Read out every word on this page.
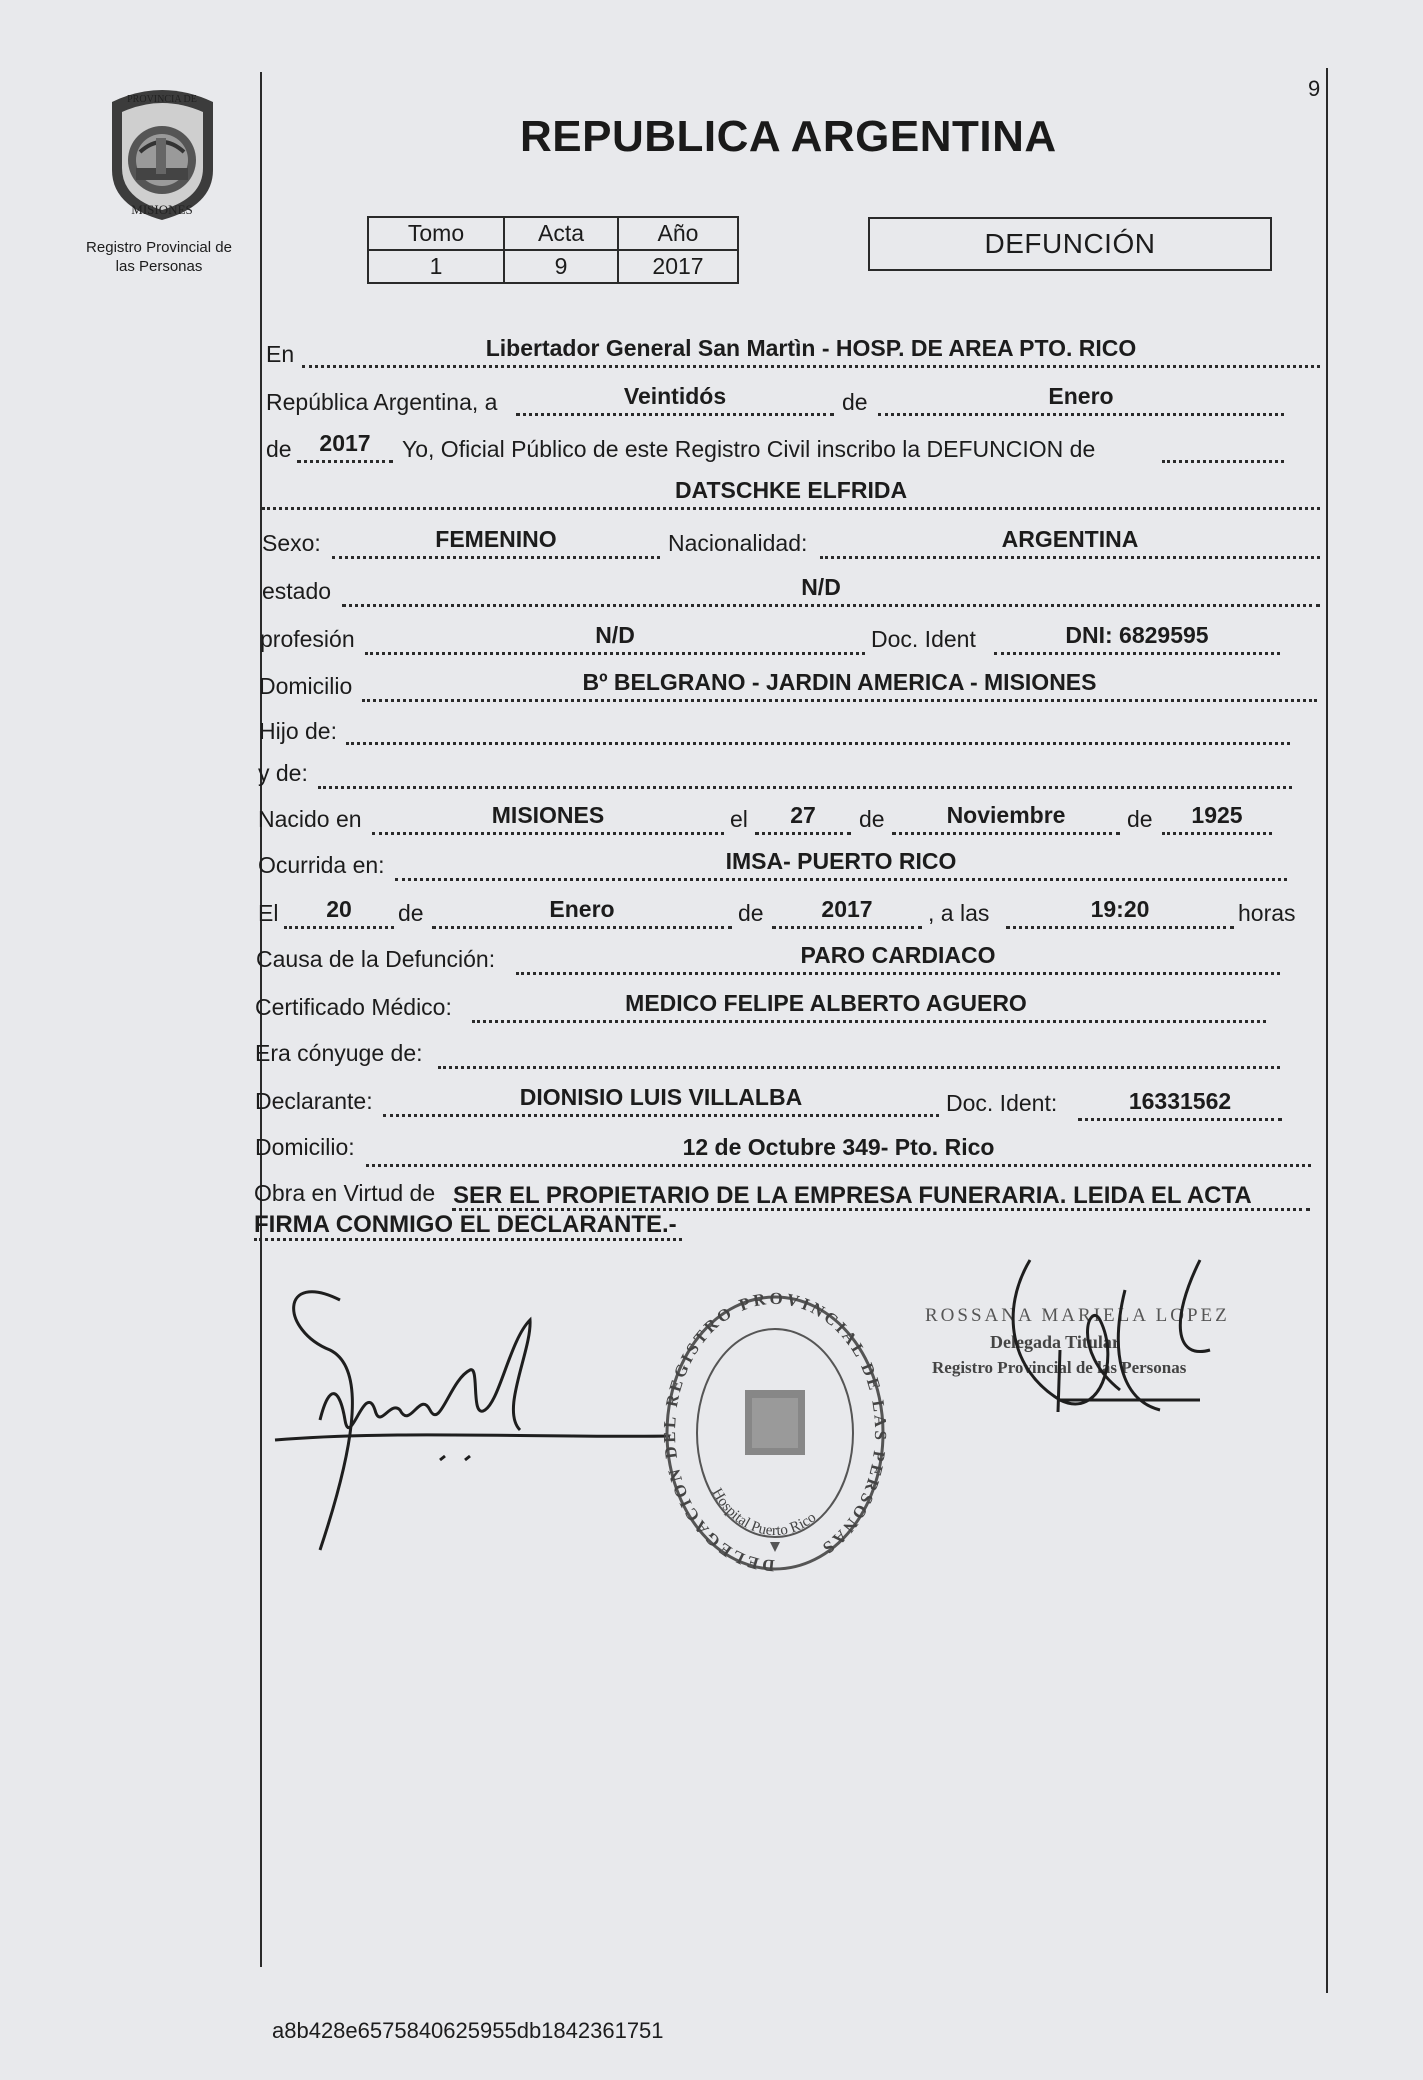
9
PROVINCIA DE
MISIONES
Registro Provincial de
las Personas
REPUBLICA ARGENTINA
Tomo	Acta	Año
1	9	2017
DEFUNCIÓN
En	Libertador General San Martìn - HOSP. DE AREA PTO. RICO
República Argentina, a	Veintidós	de	Enero
de	2017	Yo, Oficial Público de este Registro Civil inscribo la DEFUNCION de
DATSCHKE ELFRIDA
Sexo:	FEMENINO	Nacionalidad:	ARGENTINA
estado	N/D
profesión	N/D	Doc. Ident	DNI: 6829595
Domicilio	Bº BELGRANO - JARDIN AMERICA - MISIONES
Hijo de:
y de:
Nacido en	MISIONES	el	27	de	Noviembre	de	1925
Ocurrida en:	IMSA- PUERTO RICO
El	20	de	Enero	de	2017	, a las	19:20	horas
Causa de la Defunción:	PARO CARDIACO
Certificado Médico:	MEDICO FELIPE ALBERTO AGUERO
Era cónyuge de:
Declarante:	DIONISIO LUIS VILLALBA	Doc. Ident:	16331562
Domicilio:	12 de Octubre 349- Pto. Rico
Obra en Virtud de SER EL PROPIETARIO DE LA EMPRESA FUNERARIA. LEIDA EL ACTA
FIRMA CONMIGO EL DECLARANTE.-
DELEGACION DEL REGISTRO PROVINCIAL DE LAS PERSONAS
Hospital Puerto Rico
ROSSANA MARIELA LOPEZ
Delegada Titular
Registro Provincial de las Personas
a8b428e6575840625955db1842361751
